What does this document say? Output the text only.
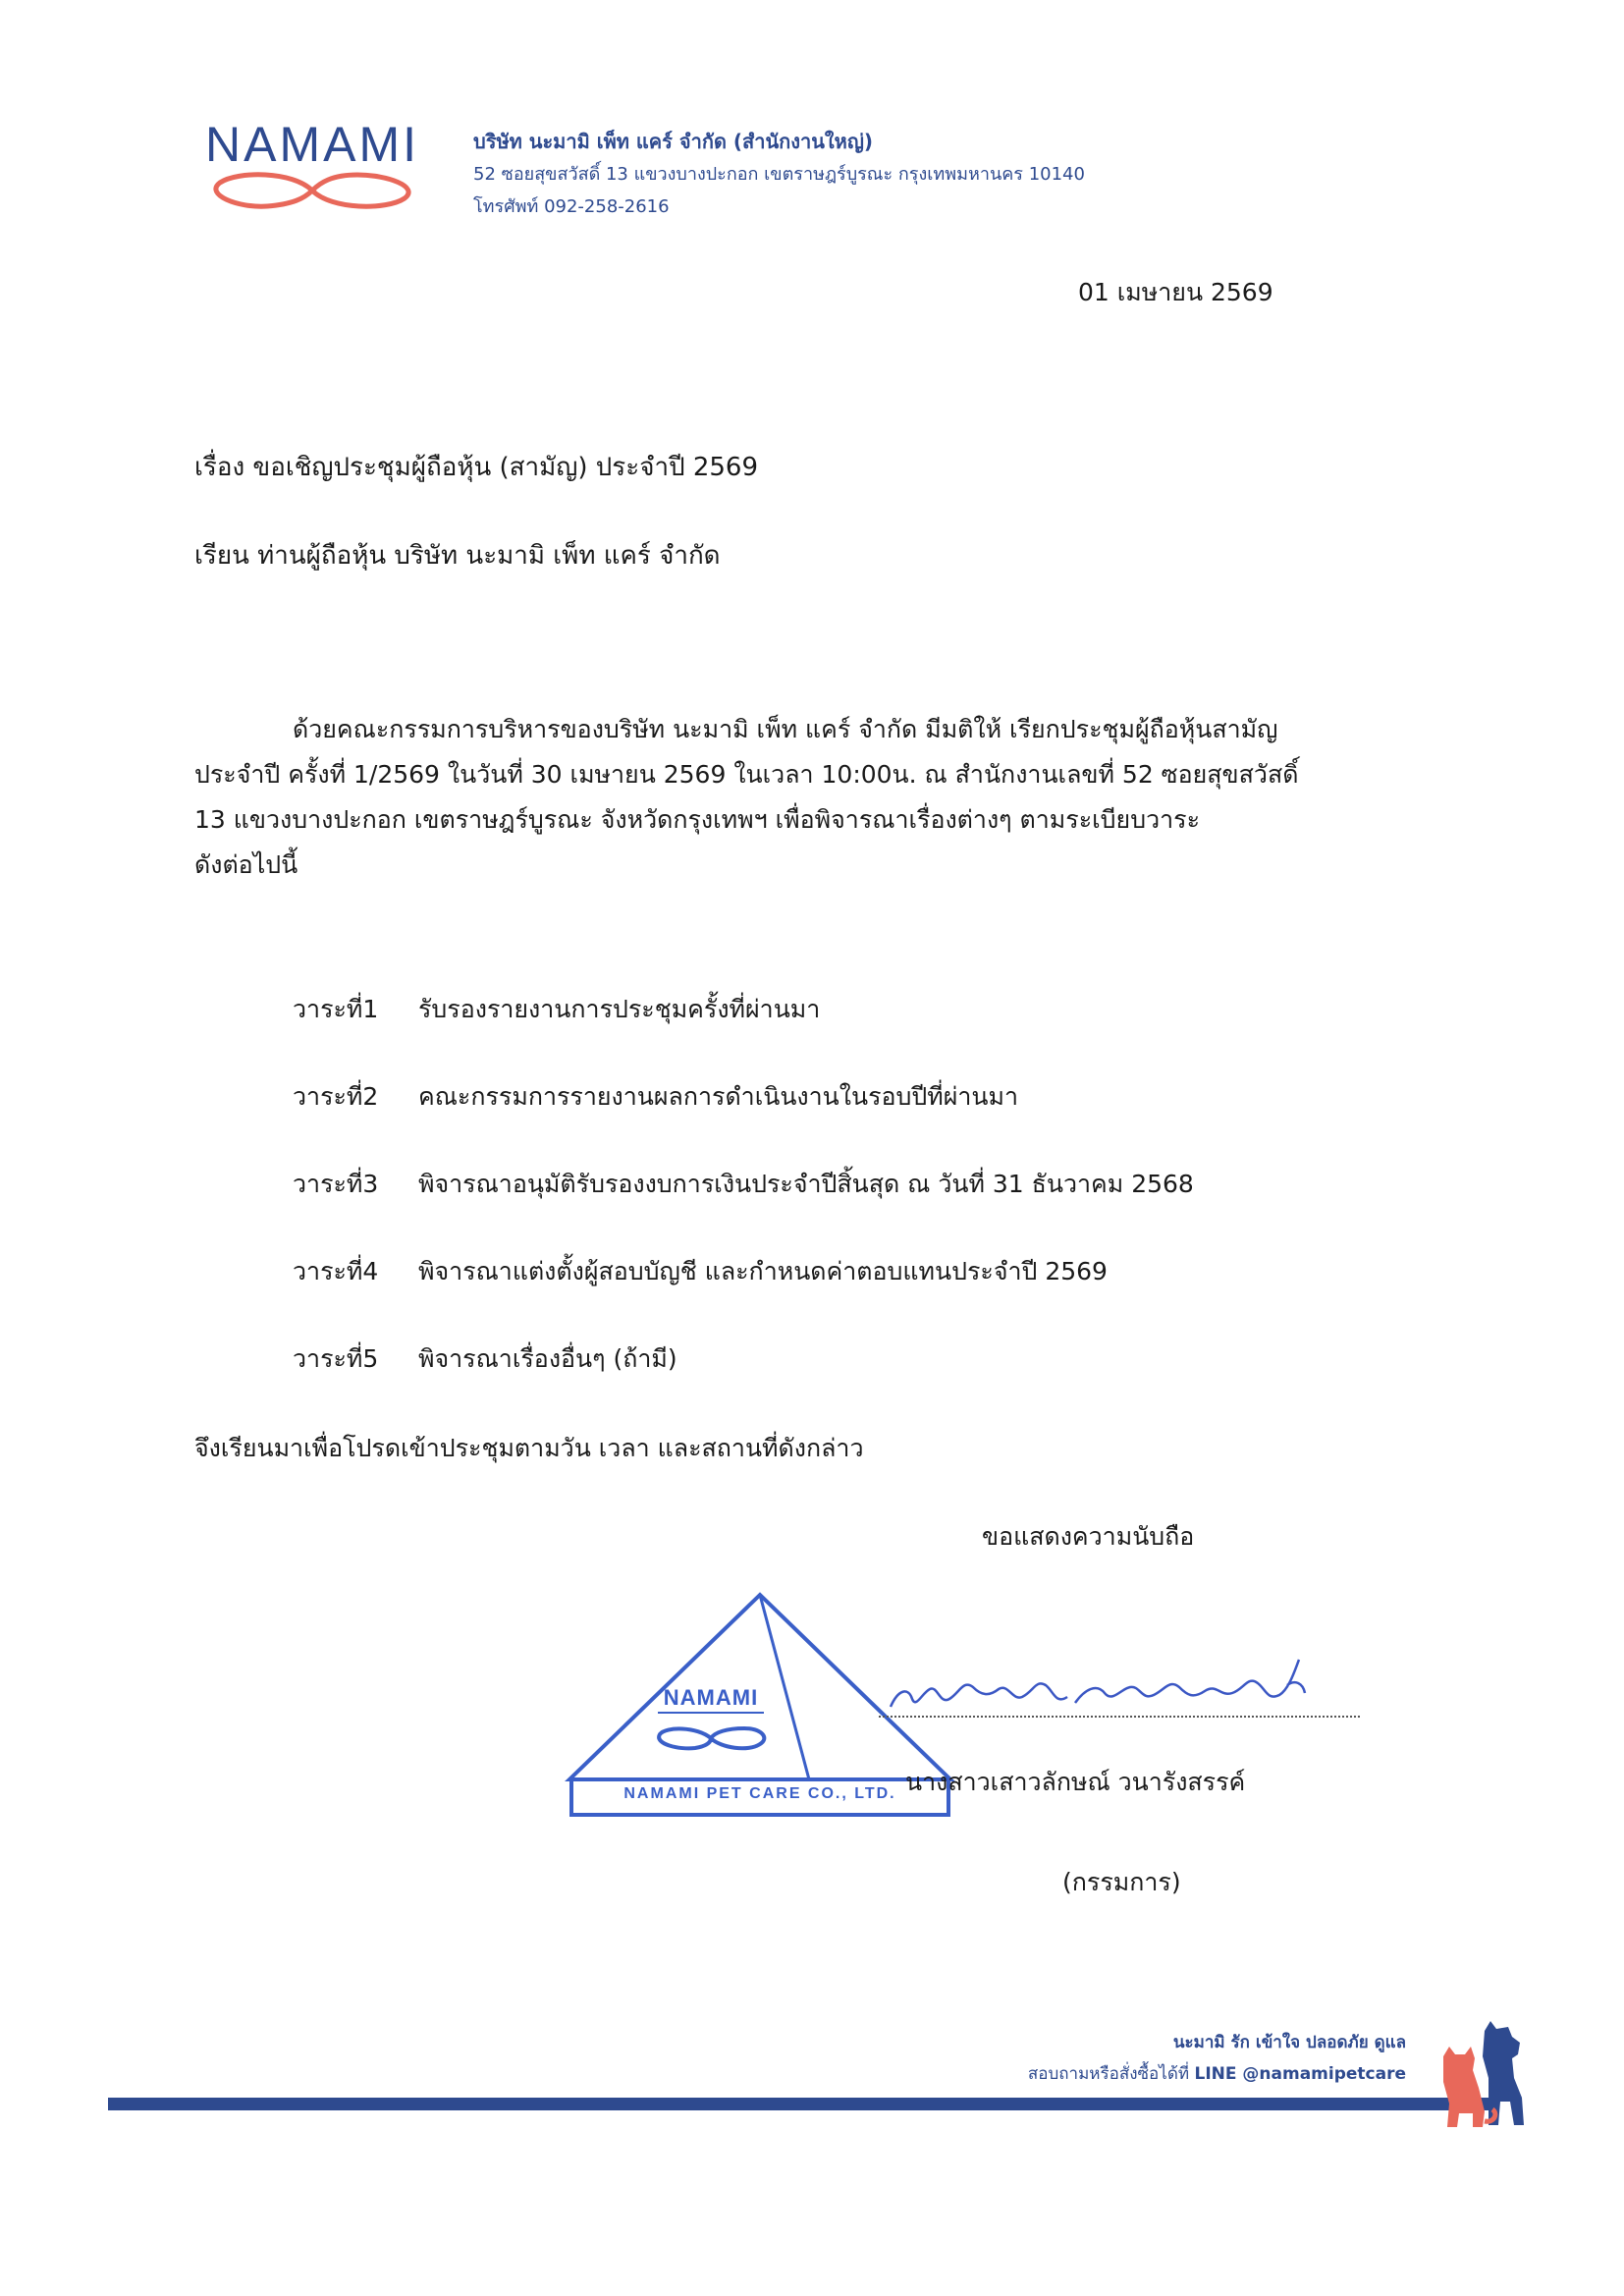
NAMAMI	บริษัท นะมามิ เพ็ท แคร์ จำกัด (สำนักงานใหญ่)
52 ซอยสุขสวัสดิ์ 13 แขวงบางปะกอก เขตราษฎร์บูรณะ กรุงเทพมหานคร 10140
โทรศัพท์ 092-258-2616
01 เมษายน 2569
เรื่อง ขอเชิญประชุมผู้ถือหุ้น (สามัญ) ประจำปี 2569
เรียน ท่านผู้ถือหุ้น บริษัท นะมามิ เพ็ท แคร์ จำกัด
ด้วยคณะกรรมการบริหารของบริษัท นะมามิ เพ็ท แคร์ จำกัด มีมติให้ เรียกประชุมผู้ถือหุ้นสามัญ
ประจำปี ครั้งที่ 1/2569 ในวันที่ 30 เมษายน 2569 ในเวลา 10:00น. ณ สำนักงานเลขที่ 52 ซอยสุขสวัสดิ์
13 แขวงบางปะกอก เขตราษฎร์บูรณะ จังหวัดกรุงเทพฯ เพื่อพิจารณาเรื่องต่างๆ ตามระเบียบวาระ
ดังต่อไปนี้
วาระที่1 รับรองรายงานการประชุมครั้งที่ผ่านมา
วาระที่2 คณะกรรมการรายงานผลการดำเนินงานในรอบปีที่ผ่านมา
วาระที่3 พิจารณาอนุมัติรับรองงบการเงินประจำปีสิ้นสุด ณ วันที่ 31 ธันวาคม 2568
วาระที่4 พิจารณาแต่งตั้งผู้สอบบัญชี และกำหนดค่าตอบแทนประจำปี 2569
วาระที่5 พิจารณาเรื่องอื่นๆ (ถ้ามี)
จึงเรียนมาเพื่อโปรดเข้าประชุมตามวัน เวลา และสถานที่ดังกล่าว
ขอแสดงความนับถือ
NAMAMI
NAMAMI PET CARE CO., LTD. นางสาวเสาวลักษณ์ วนารังสรรค์
(กรรมการ)
นะมามิ รัก เข้าใจ ปลอดภัย ดูแล
สอบถามหรือสั่งซื้อได้ที่ LINE @namamipetcare
